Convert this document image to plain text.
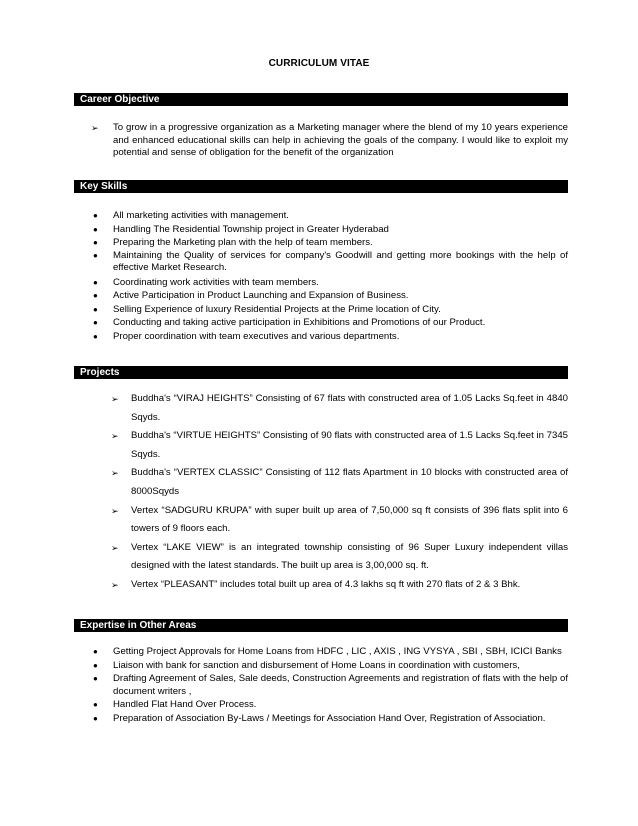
CURRICULUM VITAE
Career Objective
➢ To grow in a progressive organization as a Marketing manager where the blend of my 10 years experience and enhanced educational skills can help in achieving the goals of the company. I would like to exploit my potential and sense of obligation for the benefit of the organization
Key Skills
● All marketing activities with management.
● Handling The Residential Township project in Greater Hyderabad
● Preparing the Marketing plan with the help of team members.
● Maintaining the Quality of services for company's Goodwill and getting more bookings with the help of effective Market Research.
● Coordinating work activities with team members.
● Active Participation in Product Launching and Expansion of Business.
● Selling Experience of luxury Residential Projects at the Prime location of City.
● Conducting and taking active participation in Exhibitions and Promotions of our Product.
● Proper coordination with team executives and various departments.
Projects
➢ Buddha's “VIRAJ HEIGHTS” Consisting of 67 flats with constructed area of 1.05 Lacks Sq.feet in 4840 Sqyds.
➢ Buddha's “VIRTUE HEIGHTS” Consisting of 90 flats with constructed area of 1.5 Lacks Sq.feet in 7345 Sqyds.
➢ Buddha's “VERTEX CLASSIC” Consisting of 112 flats Apartment in 10 blocks with constructed area of 8000Sqyds
➢ Vertex “SADGURU KRUPA” with super built up area of 7,50,000 sq ft consists of 396 flats split into 6 towers of 9 floors each.
➢ Vertex “LAKE VIEW” is an integrated township consisting of 96 Super Luxury independent villas designed with the latest standards. The built up area is 3,00,000 sq. ft.
➢ Vertex “PLEASANT” includes total built up area of 4.3 lakhs sq ft with 270 flats of 2 & 3 Bhk.
Expertise in Other Areas
● Getting Project Approvals for Home Loans from HDFC , LIC , AXIS , ING VYSYA , SBI , SBH, ICICI Banks
● Liaison with bank for sanction and disbursement of Home Loans in coordination with customers,
● Drafting Agreement of Sales, Sale deeds, Construction Agreements and registration of flats with the help of document writers ,
● Handled Flat Hand Over Process.
● Preparation of Association By-Laws / Meetings for Association Hand Over, Registration of Association.
